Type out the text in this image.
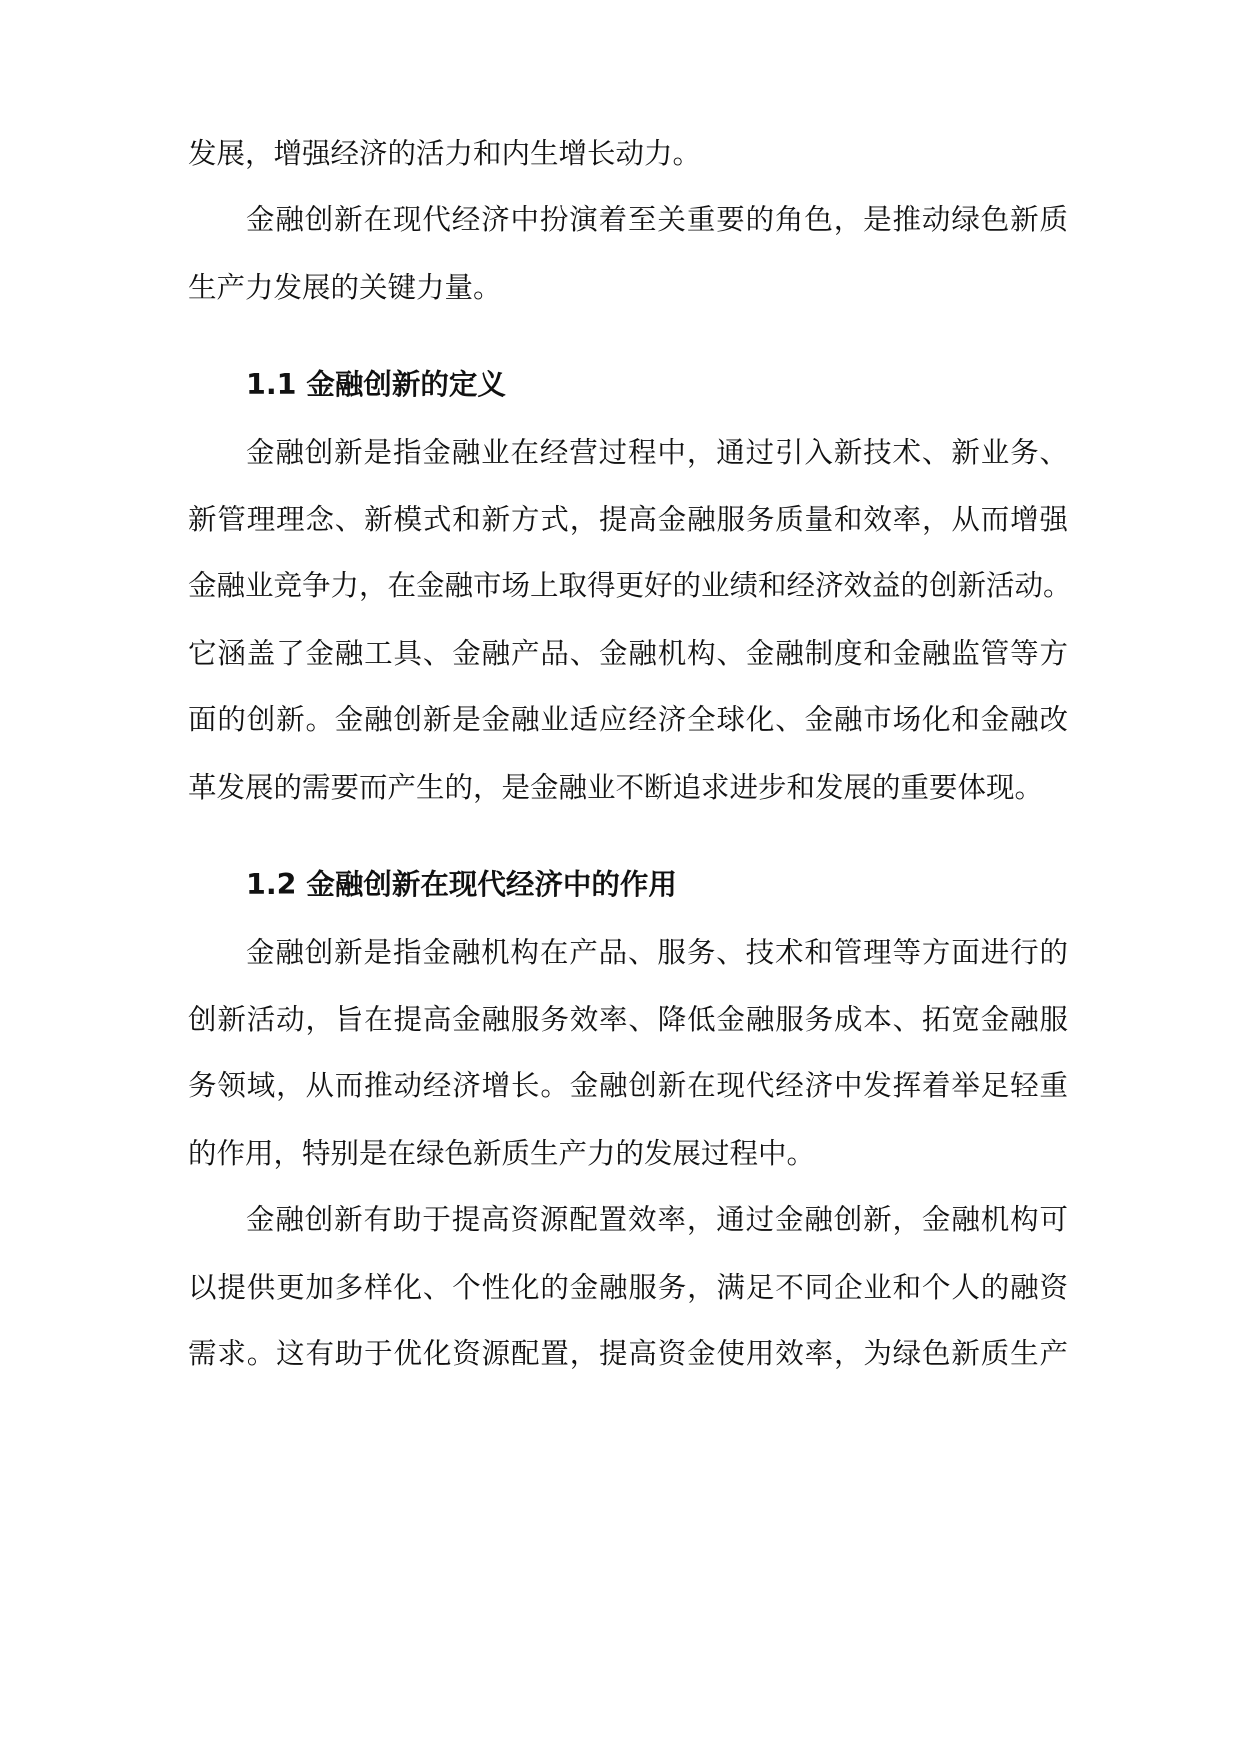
发展，增强经济的活力和内生增长动力。
金融创新在现代经济中扮演着至关重要的角色，是推动绿色新质
生产力发展的关键力量。
1.1 金融创新的定义
金融创新是指金融业在经营过程中，通过引入新技术、新业务、
新管理理念、新模式和新方式，提高金融服务质量和效率，从而增强
金融业竞争力，在金融市场上取得更好的业绩和经济效益的创新活动。
它涵盖了金融工具、金融产品、金融机构、金融制度和金融监管等方
面的创新。金融创新是金融业适应经济全球化、金融市场化和金融改
革发展的需要而产生的，是金融业不断追求进步和发展的重要体现。
1.2 金融创新在现代经济中的作用
金融创新是指金融机构在产品、服务、技术和管理等方面进行的
创新活动，旨在提高金融服务效率、降低金融服务成本、拓宽金融服
务领域，从而推动经济增长。金融创新在现代经济中发挥着举足轻重
的作用，特别是在绿色新质生产力的发展过程中。
金融创新有助于提高资源配置效率，通过金融创新，金融机构可
以提供更加多样化、个性化的金融服务，满足不同企业和个人的融资
需求。这有助于优化资源配置，提高资金使用效率，为绿色新质生产
